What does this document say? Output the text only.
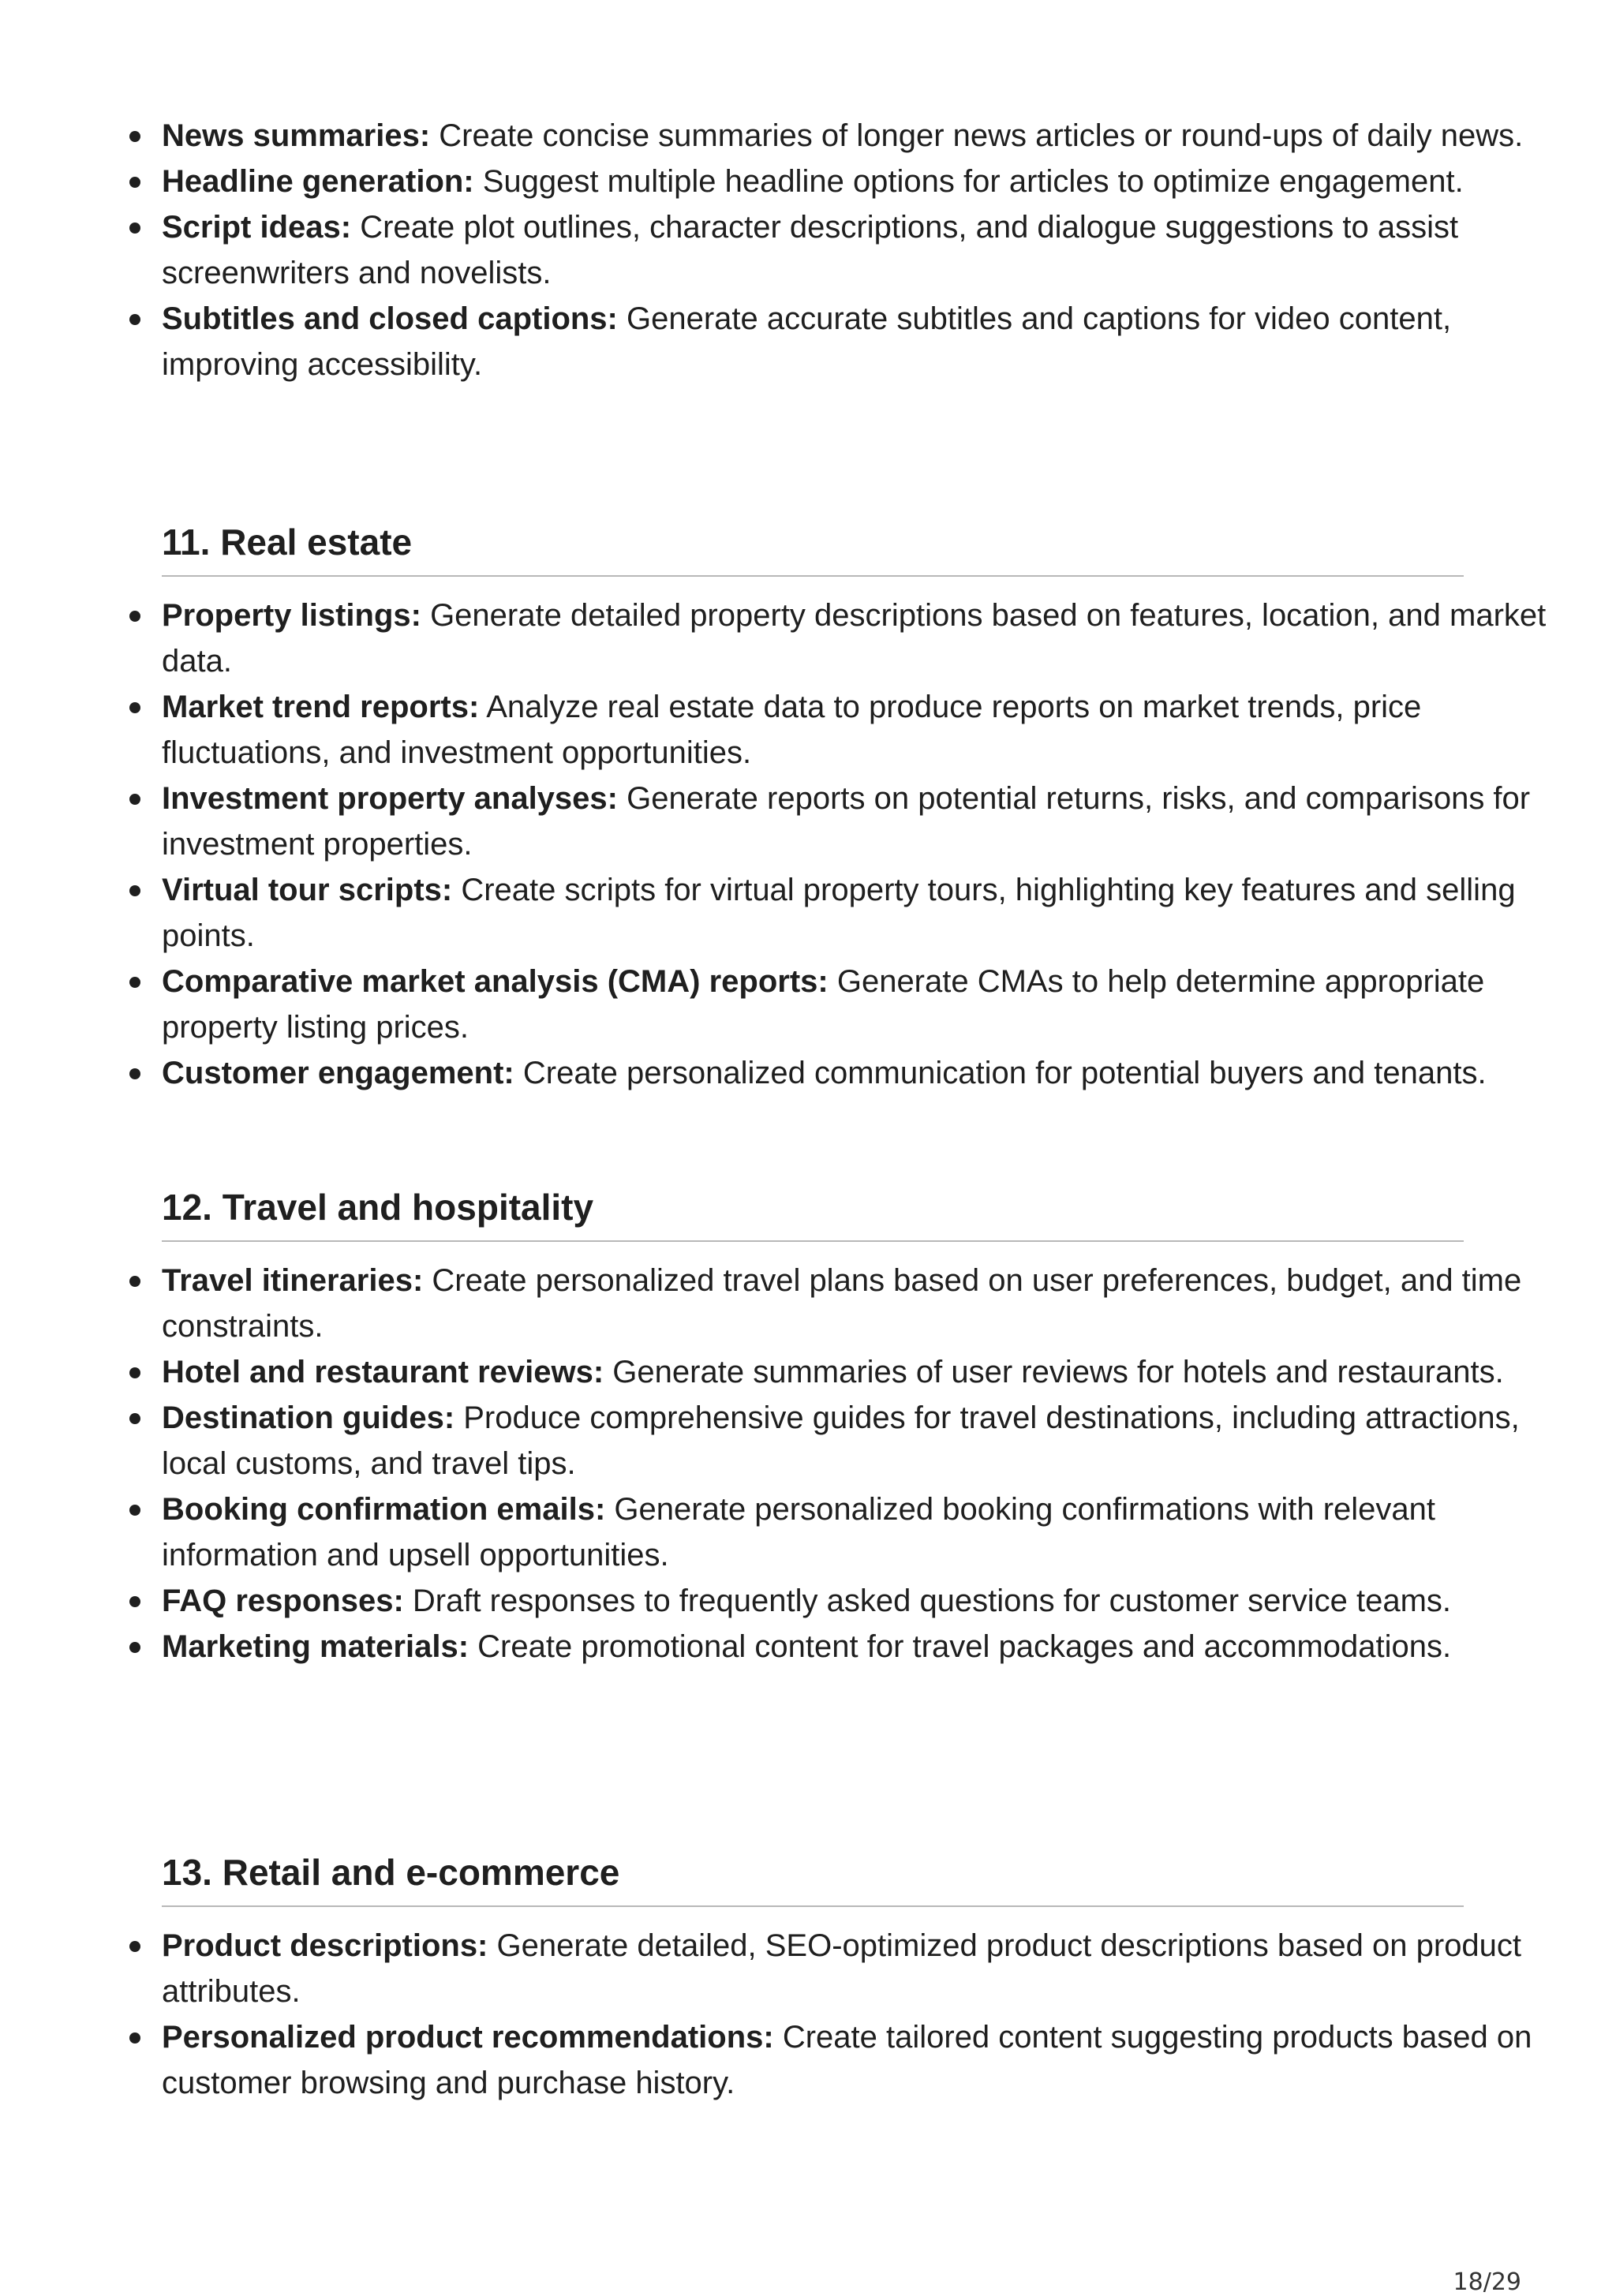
News summaries: Create concise summaries of longer news articles or round-ups of daily news.
Headline generation: Suggest multiple headline options for articles to optimize engagement.
Script ideas: Create plot outlines, character descriptions, and dialogue suggestions to assist screenwriters and novelists.
Subtitles and closed captions: Generate accurate subtitles and captions for video content, improving accessibility.
11. Real estate
Property listings: Generate detailed property descriptions based on features, location, and market data.
Market trend reports: Analyze real estate data to produce reports on market trends, price fluctuations, and investment opportunities.
Investment property analyses: Generate reports on potential returns, risks, and comparisons for investment properties.
Virtual tour scripts: Create scripts for virtual property tours, highlighting key features and selling points.
Comparative market analysis (CMA) reports: Generate CMAs to help determine appropriate property listing prices.
Customer engagement: Create personalized communication for potential buyers and tenants.
12. Travel and hospitality
Travel itineraries: Create personalized travel plans based on user preferences, budget, and time constraints.
Hotel and restaurant reviews: Generate summaries of user reviews for hotels and restaurants.
Destination guides: Produce comprehensive guides for travel destinations, including attractions, local customs, and travel tips.
Booking confirmation emails: Generate personalized booking confirmations with relevant information and upsell opportunities.
FAQ responses: Draft responses to frequently asked questions for customer service teams.
Marketing materials: Create promotional content for travel packages and accommodations.
13. Retail and e-commerce
Product descriptions: Generate detailed, SEO-optimized product descriptions based on product attributes.
Personalized product recommendations: Create tailored content suggesting products based on customer browsing and purchase history.
18/29
